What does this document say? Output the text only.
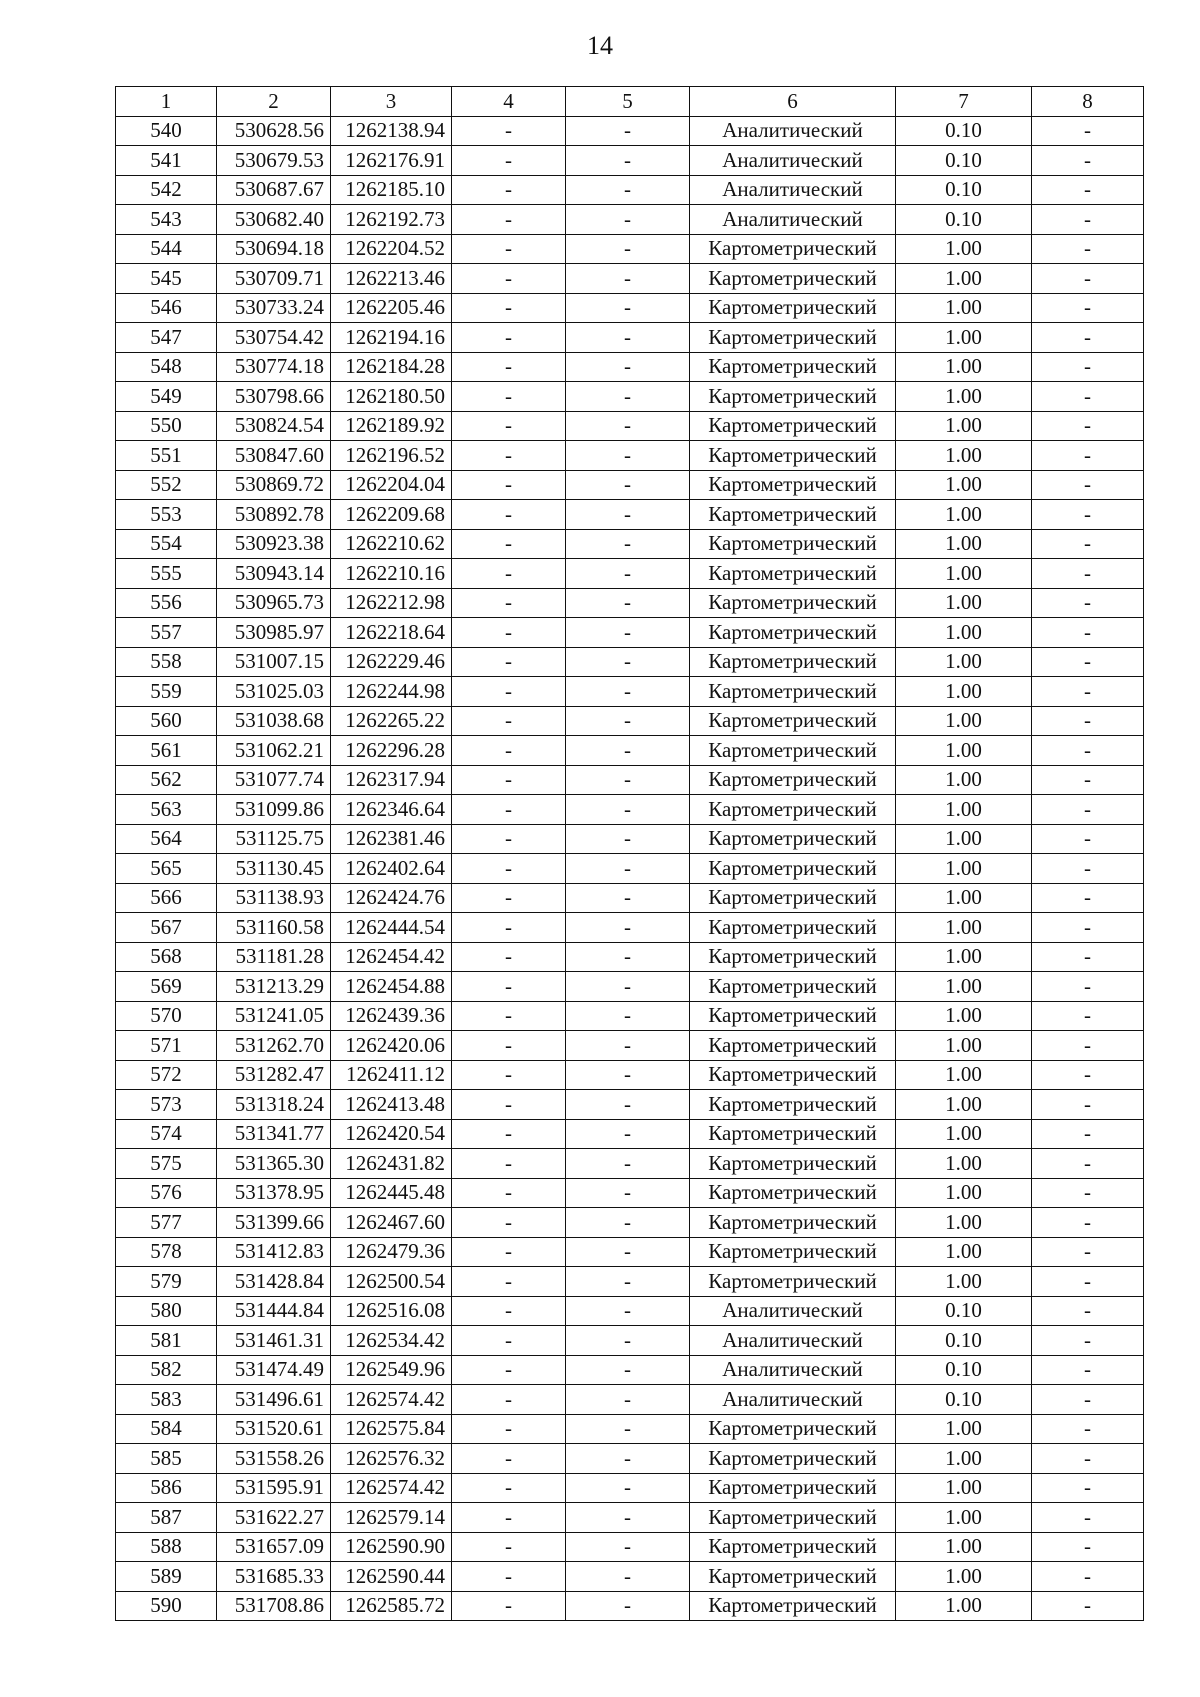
14
1	2	3	4	5	6	7	8
540	530628.56	1262138.94	-	-	Аналитический	0.10	-
541	530679.53	1262176.91	-	-	Аналитический	0.10	-
542	530687.67	1262185.10	-	-	Аналитический	0.10	-
543	530682.40	1262192.73	-	-	Аналитический	0.10	-
544	530694.18	1262204.52	-	-	Картометрический	1.00	-
545	530709.71	1262213.46	-	-	Картометрический	1.00	-
546	530733.24	1262205.46	-	-	Картометрический	1.00	-
547	530754.42	1262194.16	-	-	Картометрический	1.00	-
548	530774.18	1262184.28	-	-	Картометрический	1.00	-
549	530798.66	1262180.50	-	-	Картометрический	1.00	-
550	530824.54	1262189.92	-	-	Картометрический	1.00	-
551	530847.60	1262196.52	-	-	Картометрический	1.00	-
552	530869.72	1262204.04	-	-	Картометрический	1.00	-
553	530892.78	1262209.68	-	-	Картометрический	1.00	-
554	530923.38	1262210.62	-	-	Картометрический	1.00	-
555	530943.14	1262210.16	-	-	Картометрический	1.00	-
556	530965.73	1262212.98	-	-	Картометрический	1.00	-
557	530985.97	1262218.64	-	-	Картометрический	1.00	-
558	531007.15	1262229.46	-	-	Картометрический	1.00	-
559	531025.03	1262244.98	-	-	Картометрический	1.00	-
560	531038.68	1262265.22	-	-	Картометрический	1.00	-
561	531062.21	1262296.28	-	-	Картометрический	1.00	-
562	531077.74	1262317.94	-	-	Картометрический	1.00	-
563	531099.86	1262346.64	-	-	Картометрический	1.00	-
564	531125.75	1262381.46	-	-	Картометрический	1.00	-
565	531130.45	1262402.64	-	-	Картометрический	1.00	-
566	531138.93	1262424.76	-	-	Картометрический	1.00	-
567	531160.58	1262444.54	-	-	Картометрический	1.00	-
568	531181.28	1262454.42	-	-	Картометрический	1.00	-
569	531213.29	1262454.88	-	-	Картометрический	1.00	-
570	531241.05	1262439.36	-	-	Картометрический	1.00	-
571	531262.70	1262420.06	-	-	Картометрический	1.00	-
572	531282.47	1262411.12	-	-	Картометрический	1.00	-
573	531318.24	1262413.48	-	-	Картометрический	1.00	-
574	531341.77	1262420.54	-	-	Картометрический	1.00	-
575	531365.30	1262431.82	-	-	Картометрический	1.00	-
576	531378.95	1262445.48	-	-	Картометрический	1.00	-
577	531399.66	1262467.60	-	-	Картометрический	1.00	-
578	531412.83	1262479.36	-	-	Картометрический	1.00	-
579	531428.84	1262500.54	-	-	Картометрический	1.00	-
580	531444.84	1262516.08	-	-	Аналитический	0.10	-
581	531461.31	1262534.42	-	-	Аналитический	0.10	-
582	531474.49	1262549.96	-	-	Аналитический	0.10	-
583	531496.61	1262574.42	-	-	Аналитический	0.10	-
584	531520.61	1262575.84	-	-	Картометрический	1.00	-
585	531558.26	1262576.32	-	-	Картометрический	1.00	-
586	531595.91	1262574.42	-	-	Картометрический	1.00	-
587	531622.27	1262579.14	-	-	Картометрический	1.00	-
588	531657.09	1262590.90	-	-	Картометрический	1.00	-
589	531685.33	1262590.44	-	-	Картометрический	1.00	-
590	531708.86	1262585.72	-	-	Картометрический	1.00	-
